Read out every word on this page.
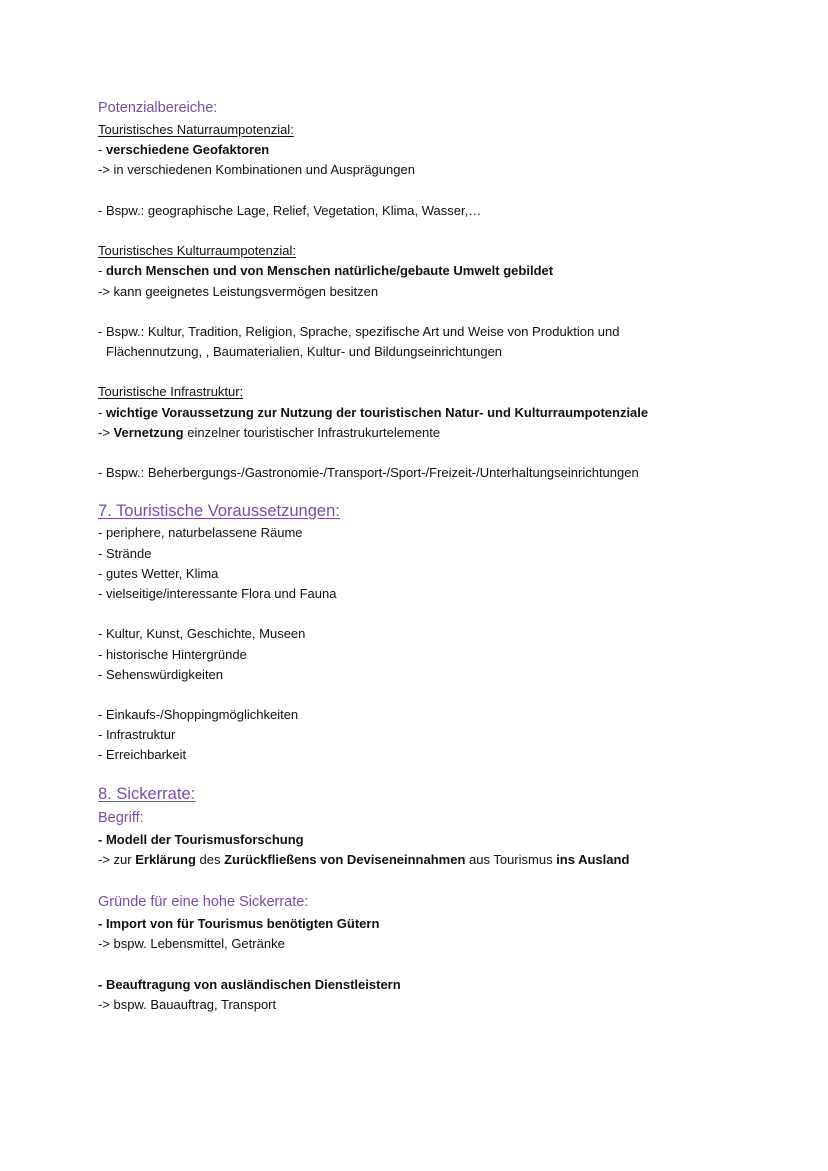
Potenzialbereiche:
Touristisches Naturraumpotenzial:
- verschiedene Geofaktoren
-> in verschiedenen Kombinationen und Ausprägungen
- Bspw.: geographische Lage, Relief, Vegetation, Klima, Wasser,…
Touristisches Kulturraumpotenzial:
- durch Menschen und von Menschen natürliche/gebaute Umwelt gebildet
-> kann geeignetes Leistungsvermögen besitzen
- Bspw.: Kultur, Tradition, Religion, Sprache, spezifische Art und Weise von Produktion und
Flächennutzung, , Baumaterialien, Kultur- und Bildungseinrichtungen
Touristische Infrastruktur:
- wichtige Voraussetzung zur Nutzung der touristischen Natur- und Kulturraumpotenziale
-> Vernetzung einzelner touristischer Infrastrukurtelemente
- Bspw.: Beherbergungs-/Gastronomie-/Transport-/Sport-/Freizeit-/Unterhaltungseinrichtungen
7. Touristische Voraussetzungen:
- periphere, naturbelassene Räume
- Strände
- gutes Wetter, Klima
- vielseitige/interessante Flora und Fauna
- Kultur, Kunst, Geschichte, Museen
- historische Hintergründe
- Sehenswürdigkeiten
- Einkaufs-/Shoppingmöglichkeiten
- Infrastruktur
- Erreichbarkeit
8. Sickerrate:
Begriff:
- Modell der Tourismusforschung
-> zur Erklärung des Zurückfließens von Deviseneinnahmen aus Tourismus ins Ausland
Gründe für eine hohe Sickerrate:
- Import von für Tourismus benötigten Gütern
-> bspw. Lebensmittel, Getränke
- Beauftragung von ausländischen Dienstleistern
-> bspw. Bauauftrag, Transport
